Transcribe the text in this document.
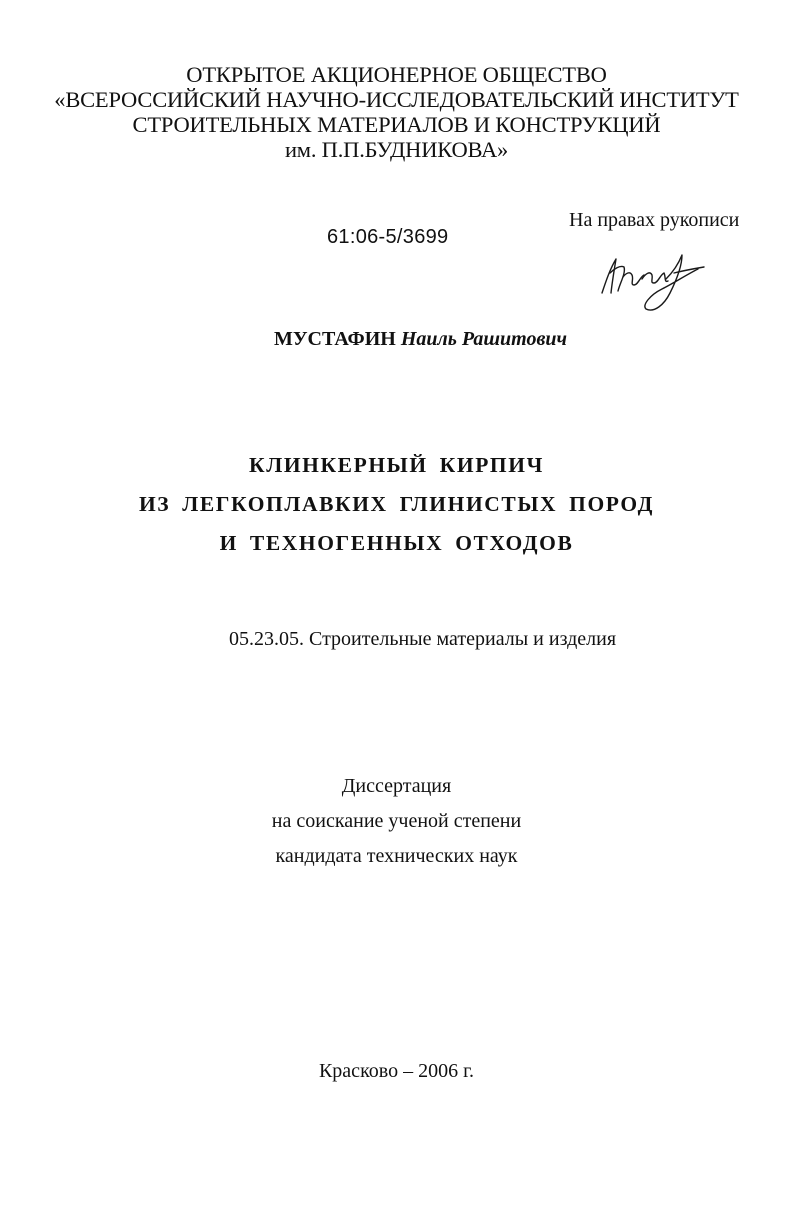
ОТКРЫТОЕ АКЦИОНЕРНОЕ ОБЩЕСТВО
«ВСЕРОССИЙСКИЙ НАУЧНО-ИССЛЕДОВАТЕЛЬСКИЙ ИНСТИТУТ
СТРОИТЕЛЬНЫХ МАТЕРИАЛОВ И КОНСТРУКЦИЙ
им. П.П.БУДНИКОВА»
61:06-5/3699
На правах рукописи
МУСТАФИН Наиль Рашитович
КЛИНКЕРНЫЙ КИРПИЧ
ИЗ ЛЕГКОПЛАВКИХ ГЛИНИСТЫХ ПОРОД
И ТЕХНОГЕННЫХ ОТХОДОВ
05.23.05. Строительные материалы и изделия
Диссертация
на соискание ученой степени
кандидата технических наук
Красково – 2006 г.
